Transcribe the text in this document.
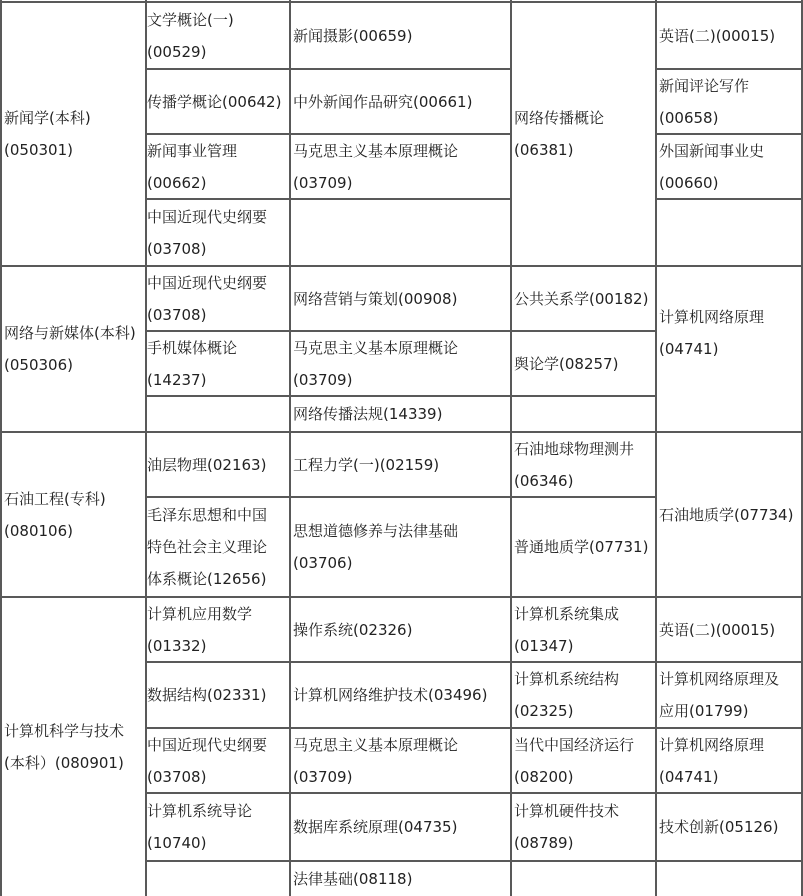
新闻学(本科)
(050301)
网络与新媒体(本科)
(050306)
石油工程(专科)
(080106)
计算机科学与技术
(本科）(080901)
文学概论(一)
(00529)
传播学概论(00642)
新闻事业管理
(00662)
中国近现代史纲要
(03708)
新闻摄影(00659)
中外新闻作品研究(00661)
马克思主义基本原理概论
(03709)
网络传播概论
(06381)
英语(二)(00015)
新闻评论写作
(00658)
外国新闻事业史
(00660)
中国近现代史纲要
(03708)
手机媒体概论
(14237)
网络营销与策划(00908)
马克思主义基本原理概论
(03709)
网络传播法规(14339)
公共关系学(00182)
舆论学(08257)
计算机网络原理
(04741)
油层物理(02163)
毛泽东思想和中国
特色社会主义理论
体系概论(12656)
工程力学(一)(02159)
思想道德修养与法律基础
(03706)
石油地球物理测井
(06346)
普通地质学(07731)
石油地质学(07734)
计算机应用数学
(01332)
数据结构(02331)
中国近现代史纲要
(03708)
计算机系统导论
(10740)
操作系统(02326)
计算机网络维护技术(03496)
马克思主义基本原理概论
(03709)
数据库系统原理(04735)
法律基础(08118)
计算机系统集成
(01347)
计算机系统结构
(02325)
当代中国经济运行
(08200)
计算机硬件技术
(08789)
英语(二)(00015)
计算机网络原理及
应用(01799)
计算机网络原理
(04741)
技术创新(05126)
